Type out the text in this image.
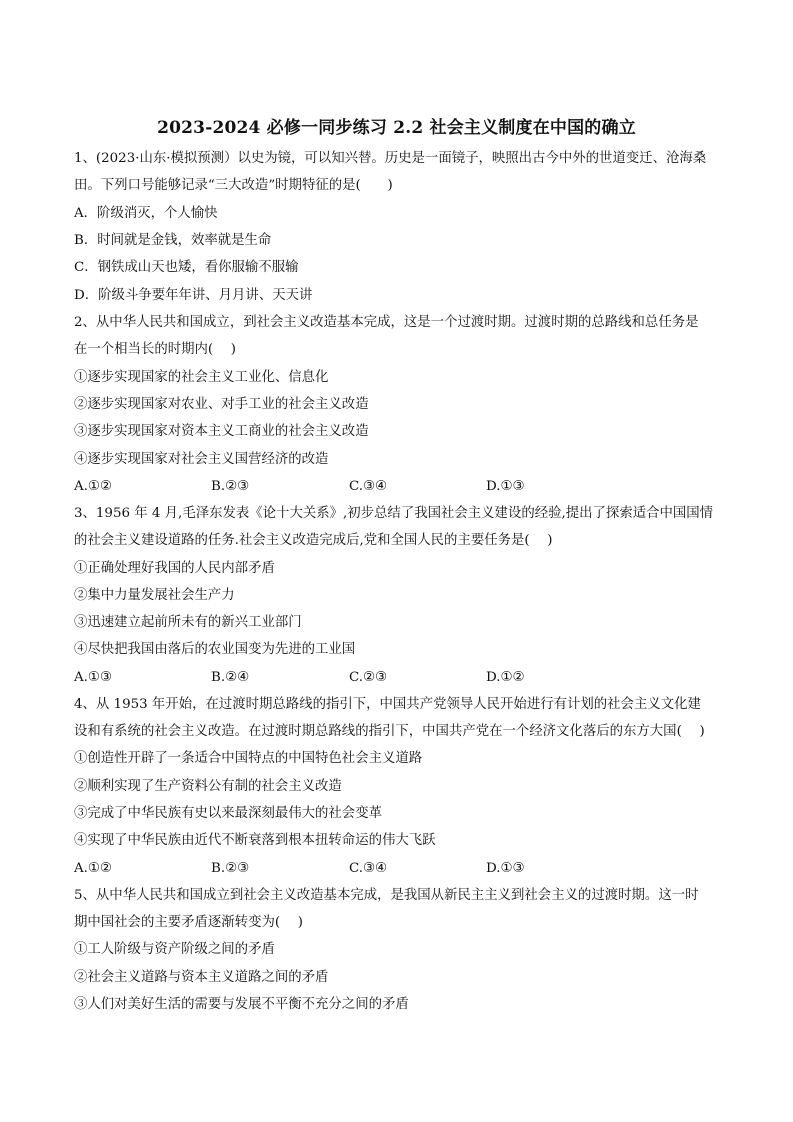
2023-2024 必修一同步练习 2.2 社会主义制度在中国的确立
1、(2023·山东·模拟预测）以史为镜，可以知兴替。历史是一面镜子，映照出古今中外的世道变迁、沧海桑
田。下列口号能够记录“三大改造”时期特征的是(　　)
A．阶级消灭，个人愉快
B．时间就是金钱，效率就是生命
C．钢铁成山天也矮，看你服输不服输
D．阶级斗争要年年讲、月月讲、天天讲
2、从中华人民共和国成立，到社会主义改造基本完成，这是一个过渡时期。过渡时期的总路线和总任务是
在一个相当长的时期内(　 )
①逐步实现国家的社会主义工业化、信息化
②逐步实现国家对农业、对手工业的社会主义改造
③逐步实现国家对资本主义工商业的社会主义改造
④逐步实现国家对社会主义国营经济的改造
A.①②	B.②③	C.③④	D.①③
3、1956 年 4 月,毛泽东发表《论十大关系》,初步总结了我国社会主义建设的经验,提出了探索适合中国国情
的社会主义建设道路的任务.社会主义改造完成后,党和全国人民的主要任务是(　 )
①正确处理好我国的人民内部矛盾
②集中力量发展社会生产力
③迅速建立起前所未有的新兴工业部门
④尽快把我国由落后的农业国变为先进的工业国
A.①③	B.②④	C.②③	D.①②
4、从 1953 年开始，在过渡时期总路线的指引下，中国共产党领导人民开始进行有计划的社会主义文化建
设和有系统的社会主义改造。在过渡时期总路线的指引下，中国共产党在一个经济文化落后的东方大国(　 )
①创造性开辟了一条适合中国特点的中国特色社会主义道路
②顺利实现了生产资料公有制的社会主义改造
③完成了中华民族有史以来最深刻最伟大的社会变革
④实现了中华民族由近代不断衰落到根本扭转命运的伟大飞跃
A.①②	B.②③	C.③④	D.①③
5、从中华人民共和国成立到社会主义改造基本完成，是我国从新民主主义到社会主义的过渡时期。这一时
期中国社会的主要矛盾逐渐转变为(　 )
①工人阶级与资产阶级之间的矛盾
②社会主义道路与资本主义道路之间的矛盾
③人们对美好生活的需要与发展不平衡不充分之间的矛盾
